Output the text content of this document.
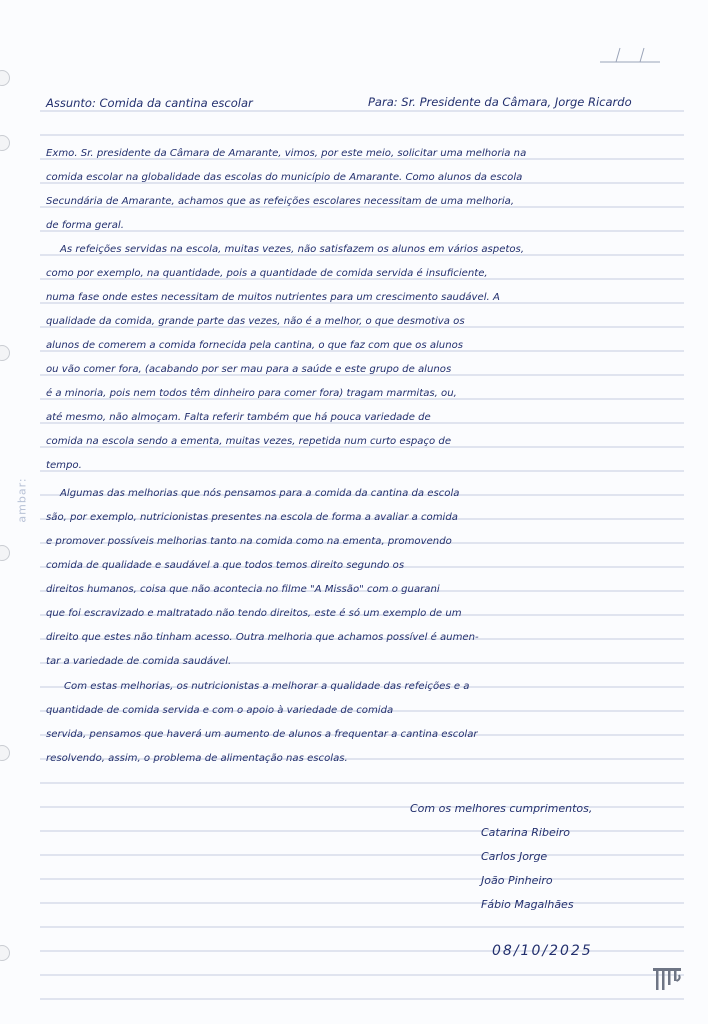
ambar:
Para: Sr. Presidente da Câmara, Jorge Ricardo
Assunto: Comida da cantina escolar
Exmo. Sr. presidente da Câmara de Amarante, vimos, por este meio, solicitar uma melhoria na
comida escolar na globalidade das escolas do município de Amarante. Como alunos da escola
Secundária de Amarante, achamos que as refeições escolares necessitam de uma melhoria,
de forma geral.
As refeições servidas na escola, muitas vezes, não satisfazem os alunos em vários aspetos,
como por exemplo, na quantidade, pois a quantidade de comida servida é insuficiente,
numa fase onde estes necessitam de muitos nutrientes para um crescimento saudável. A
qualidade da comida, grande parte das vezes, não é a melhor, o que desmotiva os
alunos de comerem a comida fornecida pela cantina, o que faz com que os alunos
ou vão comer fora, (acabando por ser mau para a saúde e este grupo de alunos
é a minoria, pois nem todos têm dinheiro para comer fora) tragam marmitas, ou,
até mesmo, não almoçam. Falta referir também que há pouca variedade de
comida na escola sendo a ementa, muitas vezes, repetida num curto espaço de
tempo.
Algumas das melhorias que nós pensamos para a comida da cantina da escola
são, por exemplo, nutricionistas presentes na escola de forma a avaliar a comida
e promover possíveis melhorias tanto na comida como na ementa, promovendo
comida de qualidade e saudável a que todos temos direito segundo os
direitos humanos, coisa que não acontecia no filme "A Missão" com o guarani
que foi escravizado e maltratado não tendo direitos, este é só um exemplo de um
direito que estes não tinham acesso. Outra melhoria que achamos possível é aumen-
tar a variedade de comida saudável.
Com estas melhorias, os nutricionistas a melhorar a qualidade das refeições e a
quantidade de comida servida e com o apoio à variedade de comida
servida, pensamos que haverá um aumento de alunos a frequentar a cantina escolar
resolvendo, assim, o problema de alimentação nas escolas.
Com os melhores cumprimentos,
Catarina Ribeiro
Carlos Jorge
João Pinheiro
Fábio Magalhães
08/10/2025
